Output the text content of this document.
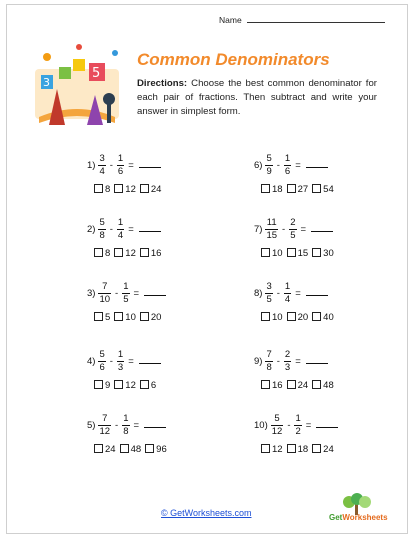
Name
3
5
Common Denominators
Directions: Choose the best common denominator for each pair of fractions. Then subtract and write your answer in simplest form.
$1) \frac{3}{4} - \frac{1}{6}$ =
8 12 24
$2) \frac{5}{8} - \frac{1}{4}$ =
8 12 16
$3) \frac{7}{10} - \frac{1}{5}$ =
5 10 20
$4) \frac{5}{6} - \frac{1}{3}$ =
9 12 6
$5) \frac{7}{12} - \frac{1}{8}$ =
24 48 96
$6) \frac{5}{9} - \frac{1}{6}$ =
18 27 54
$7) \frac{11}{15} - \frac{2}{5}$ =
10 15 30
$8) \frac{3}{5} - \frac{1}{4}$ =
10 20 40
$9) \frac{7}{8} - \frac{2}{3}$ =
16 24 48
$10) \frac{5}{12} - \frac{1}{2}$ =
12 18 24
© GetWorksheets.com	GetWorksheets
